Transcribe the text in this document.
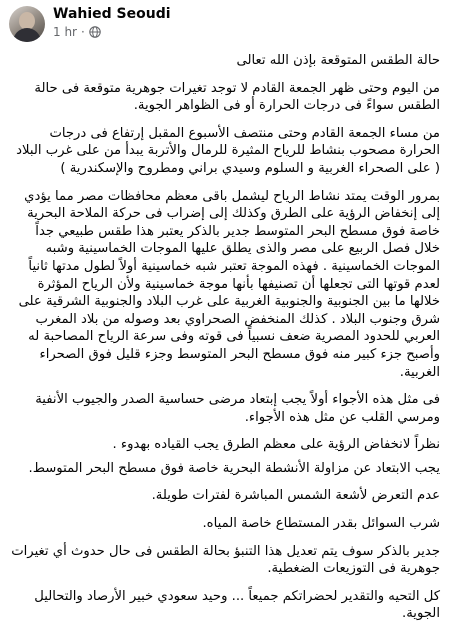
Wahied Seoudi
1 hr ·

حالة الطقس المتوقعة بإذن الله تعالى

من اليوم وحتى ظهر الجمعة القادم لا توجد تغيرات جوهرية متوقعة فى حالة الطقس سواءً فى درجات الحرارة أو فى الظواهر الجوية.

من مساء الجمعة القادم وحتى منتصف الأسبوع المقبل إرتفاع فى درجات الحرارة مصحوب بنشاط للرياح المثيرة للرمال والأتربة يبدأ من على غرب البلاد ( على الصحراء الغربية و السلوم وسيدي براني ومطروح والإسكندرية )

بمرور الوقت يمتد نشاط الرياح ليشمل باقى معظم محافظات مصر مما يؤدي إلى إنخفاض الرؤية على الطرق وكذلك إلى إضراب فى حركة الملاحة البحرية خاصة فوق مسطح البحر المتوسط جدير بالذكر يعتبر هذا طقس طبيعي جداً خلال فصل الربيع على مصر والذى يطلق عليها الموجات الخماسينية وشبه الموجات الخماسينية . فهذه الموجة تعتبر شبه خماسينية أولاً لطول مدتها ثانياً لعدم قوتها التى تجعلها أن تصنيفها بأنها موجة خماسينية ولأن الرياح المؤثرة خلالها ما بين الجنوبية والجنوبية الغربية على غرب البلاد والجنوبية الشرقية على شرق وجنوب البلاد . كذلك المنخفض الصحراوي بعد وصوله من بلاد المغرب العربي للحدود المصرية ضعف نسبياً فى قوته وفى سرعة الرياح المصاحبة له وأصبح جزء كبير منه فوق مسطح البحر المتوسط وجزء قليل فوق الصحراء الغربية.

فى مثل هذه الأجواء أولاً يجب إبتعاد مرضى حساسية الصدر والجيوب الأنفية ومرسي القلب عن مثل هذه الأجواء.

نظراً لانخفاض الرؤية على معظم الطرق يجب القياده بهدوء .

يجب الابتعاد عن مزاولة الأنشطة البحرية خاصة فوق مسطح البحر المتوسط.

عدم التعرض لأشعة الشمس المباشرة لفترات طويلة.

شرب السوائل بقدر المستطاع خاصة المياه.

جدير بالذكر سوف يتم تعديل هذا التنبؤ بحالة الطقس فى حال حدوث أي تغيرات جوهرية فى التوزيعات الضغطية.

كل التحيه والتقدير لحضراتكم جميعاً ... وحيد سعودي خبير الأرصاد والتحاليل الجوية.
